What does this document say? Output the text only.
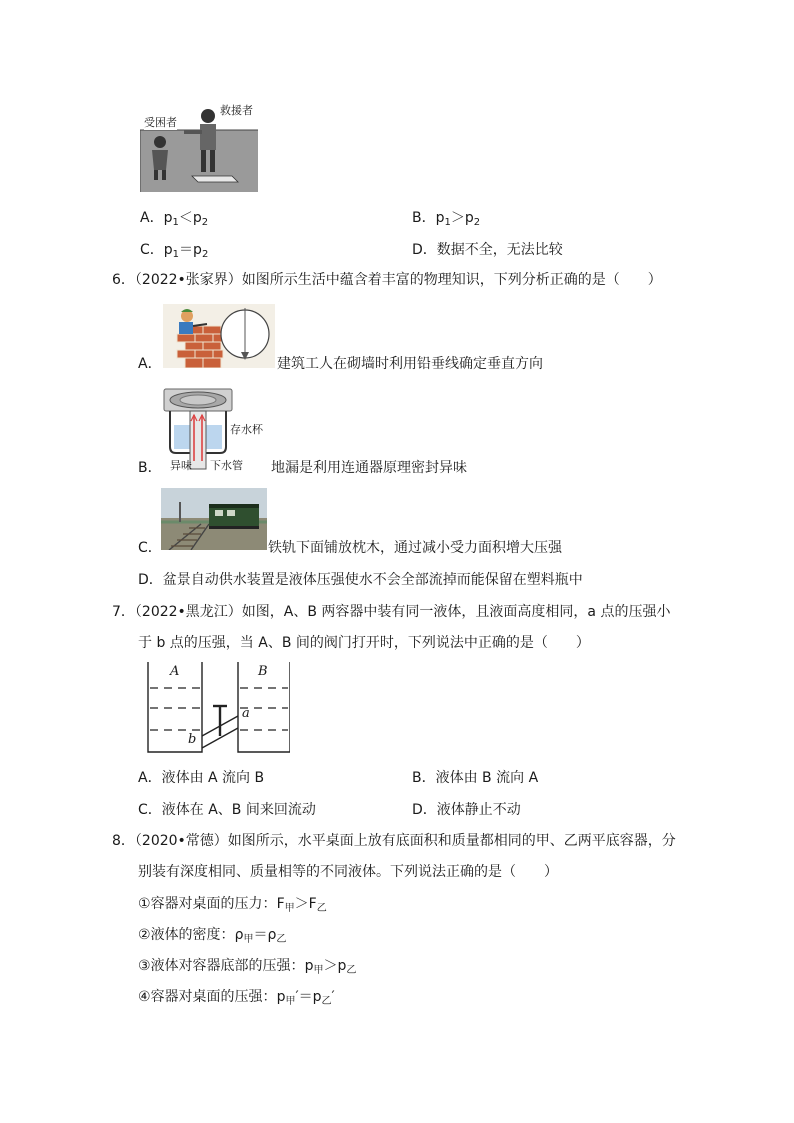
受困者
救援者
A．$p_1<p_2$	B．$p_1>p_2$
C．$p_1=p_2$	D．数据不全，无法比较
6．（2022•张家界）如图所示生活中蕴含着丰富的物理知识，下列分析正确的是（　　）
A．	建筑工人在砌墙时利用铅垂线确定垂直方向
存水杯
异味 下水管
B．	地漏是利用连通器原理密封异味
C．	铁轨下面铺放枕木，通过减小受力面积增大压强
D．盆景自动供水装置是液体压强使水不会全部流掉而能保留在塑料瓶中
7．（2022•黑龙江）如图，A、B 两容器中装有同一液体，且液面高度相同，a 点的压强小
于 b 点的压强，当 A、B 间的阀门打开时，下列说法中正确的是（　　）
A	B
a
b
A．液体由 A 流向 B	B．液体由 B 流向 A
C．液体在 A、B 间来回流动	D．液体静止不动
8．（2020•常德）如图所示，水平桌面上放有底面积和质量都相同的甲、乙两平底容器，分
别装有深度相同、质量相等的不同液体。下列说法正确的是（　　）
①容器对桌面的压力：$F_甲>F_乙$
②液体的密度：$\rho_甲=\rho_乙$
③液体对容器底部的压强：$p_甲>p_乙$
④容器对桌面的压强：$p_甲'=p_乙'$
